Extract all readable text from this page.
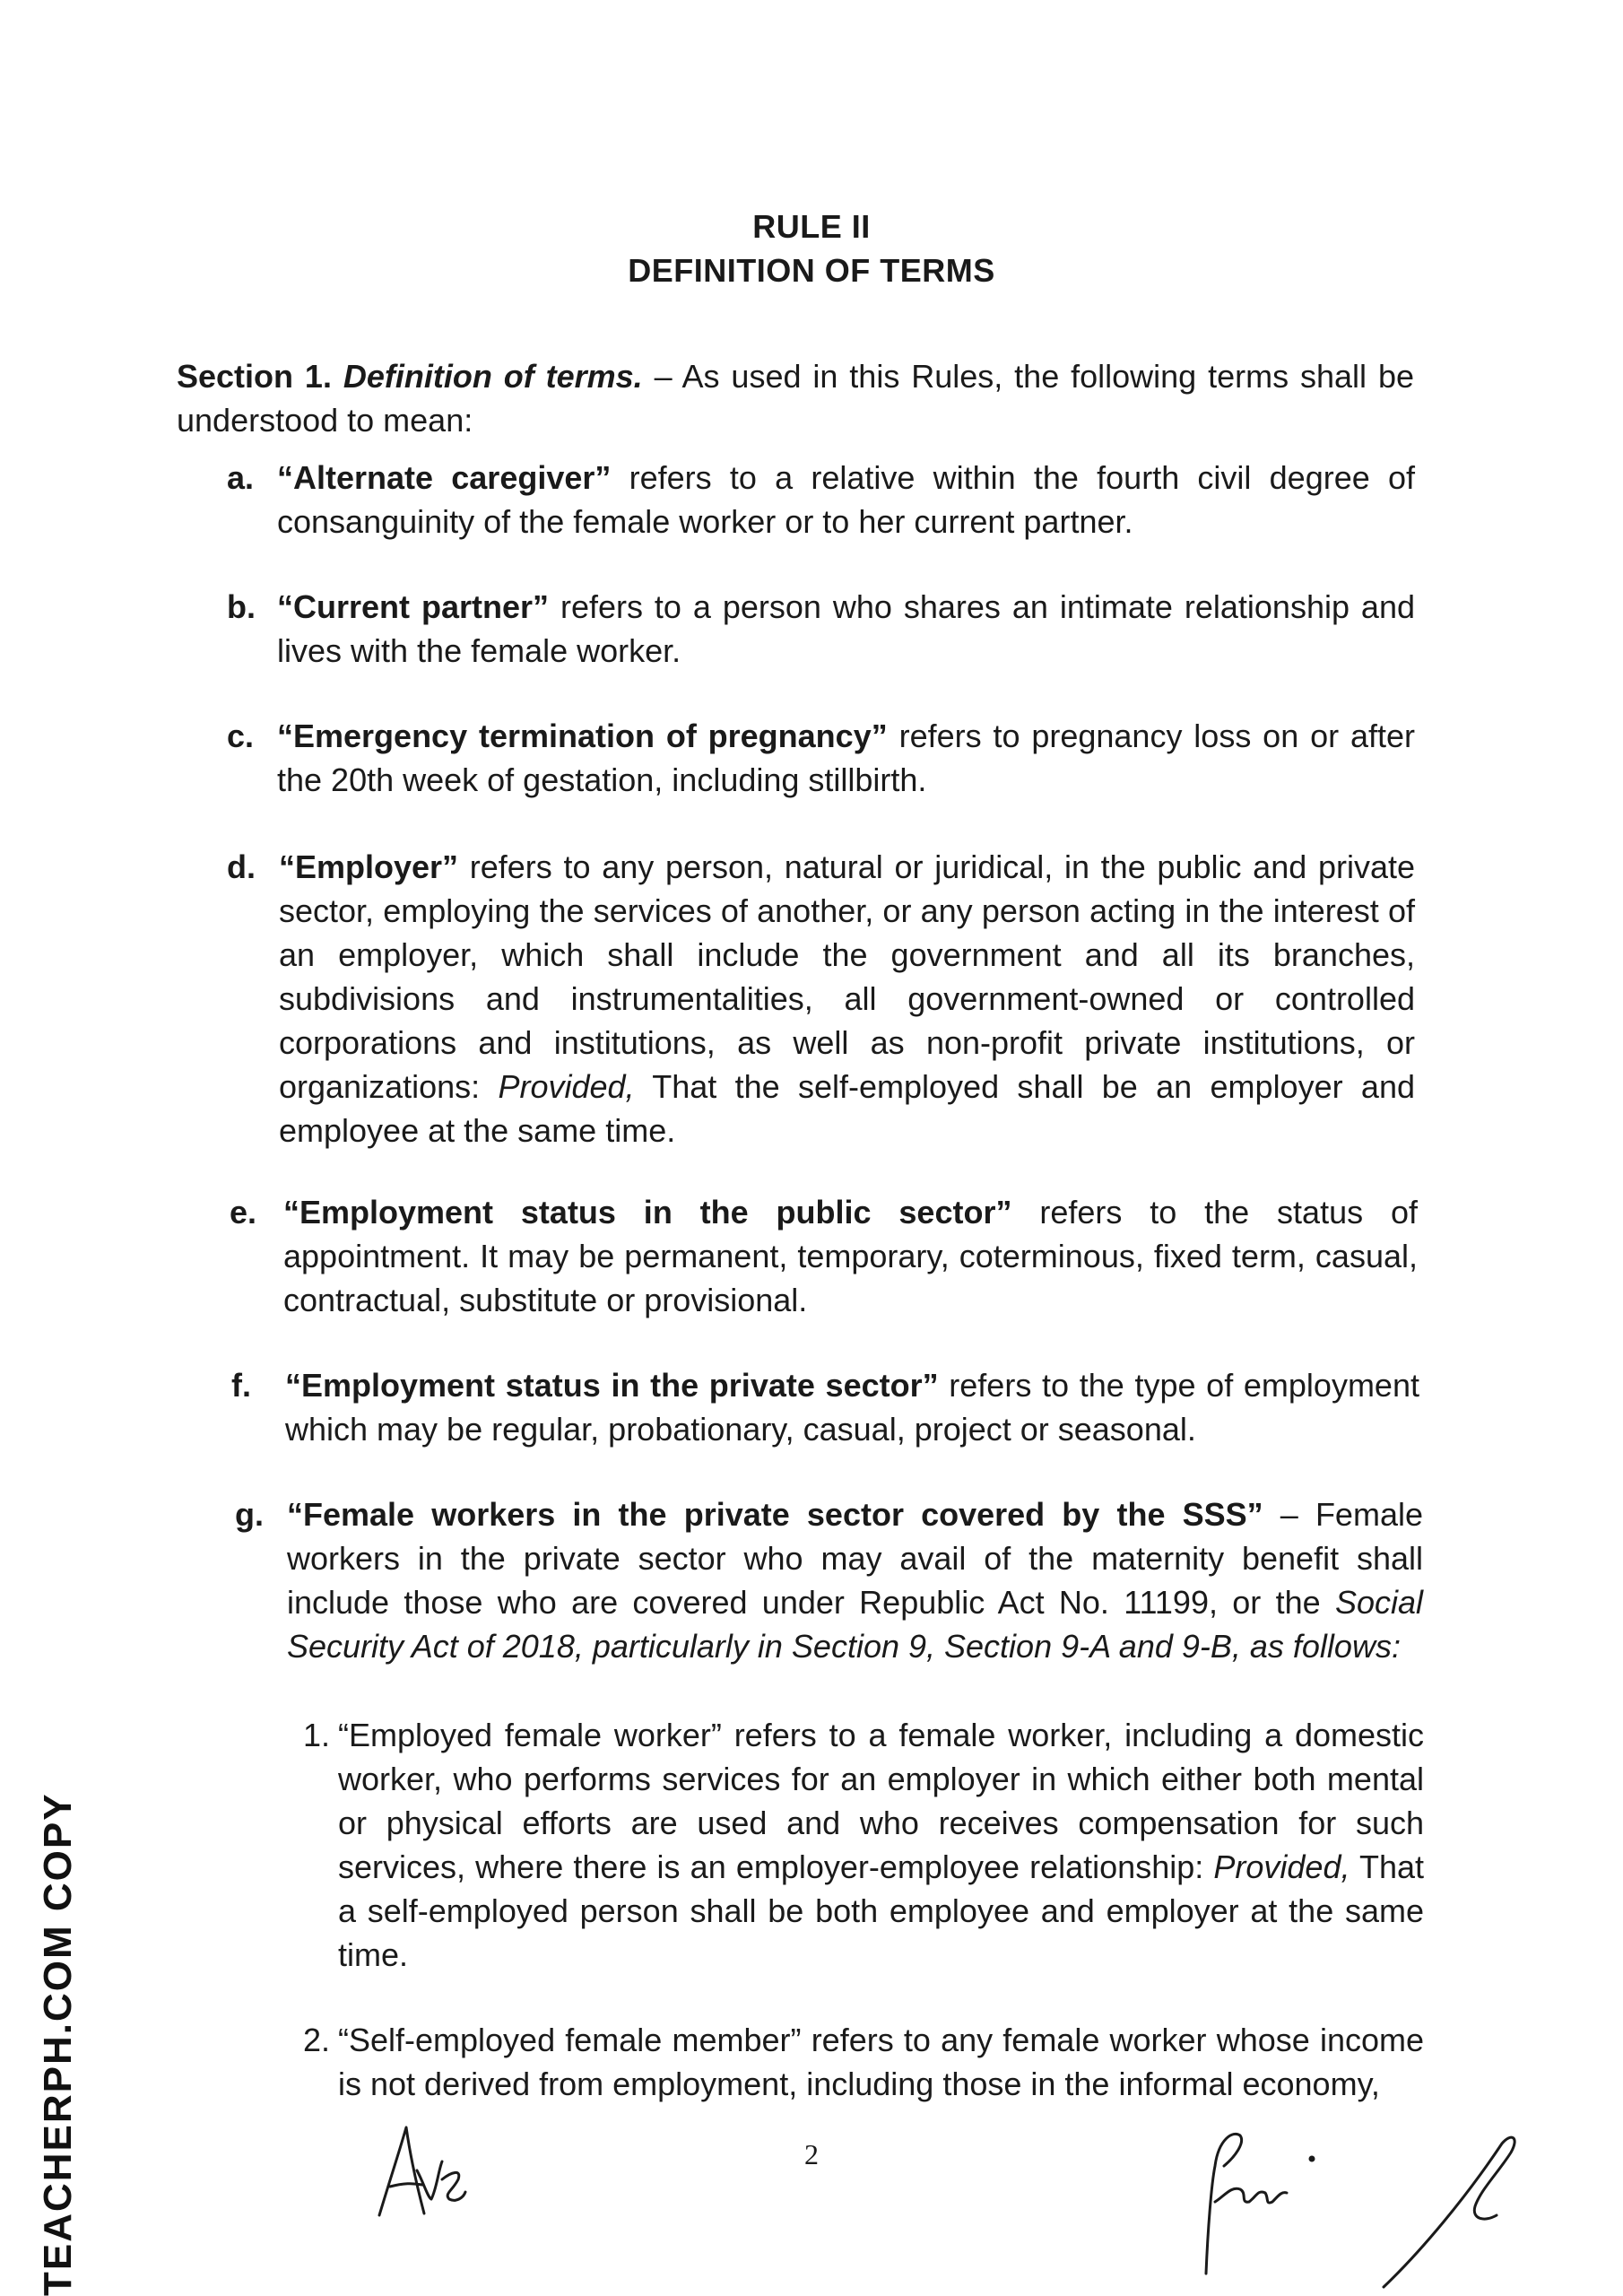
RULE II
DEFINITION OF TERMS
Section 1. Definition of terms. – As used in this Rules, the following terms shall be understood to mean:
a. “Alternate caregiver” refers to a relative within the fourth civil degree of consanguinity of the female worker or to her current partner.
b. “Current partner” refers to a person who shares an intimate relationship and lives with the female worker.
c. “Emergency termination of pregnancy” refers to pregnancy loss on or after the 20th week of gestation, including stillbirth.
d. “Employer” refers to any person, natural or juridical, in the public and private sector, employing the services of another, or any person acting in the interest of an employer, which shall include the government and all its branches, subdivisions and instrumentalities, all government-owned or controlled corporations and institutions, as well as non-profit private institutions, or organizations: Provided, That the self-employed shall be an employer and employee at the same time.
e. “Employment status in the public sector” refers to the status of appointment. It may be permanent, temporary, coterminous, fixed term, casual, contractual, substitute or provisional.
f. “Employment status in the private sector” refers to the type of employment which may be regular, probationary, casual, project or seasonal.
g. “Female workers in the private sector covered by the SSS” – Female workers in the private sector who may avail of the maternity benefit shall include those who are covered under Republic Act No. 11199, or the Social Security Act of 2018, particularly in Section 9, Section 9-A and 9-B, as follows:
1. “Employed female worker” refers to a female worker, including a domestic worker, who performs services for an employer in which either both mental or physical efforts are used and who receives compensation for such services, where there is an employer-employee relationship: Provided, That a self-employed person shall be both employee and employer at the same time.
2. “Self-employed female member” refers to any female worker whose income is not derived from employment, including those in the informal economy,
2
TEACHERPH.COM COPY
